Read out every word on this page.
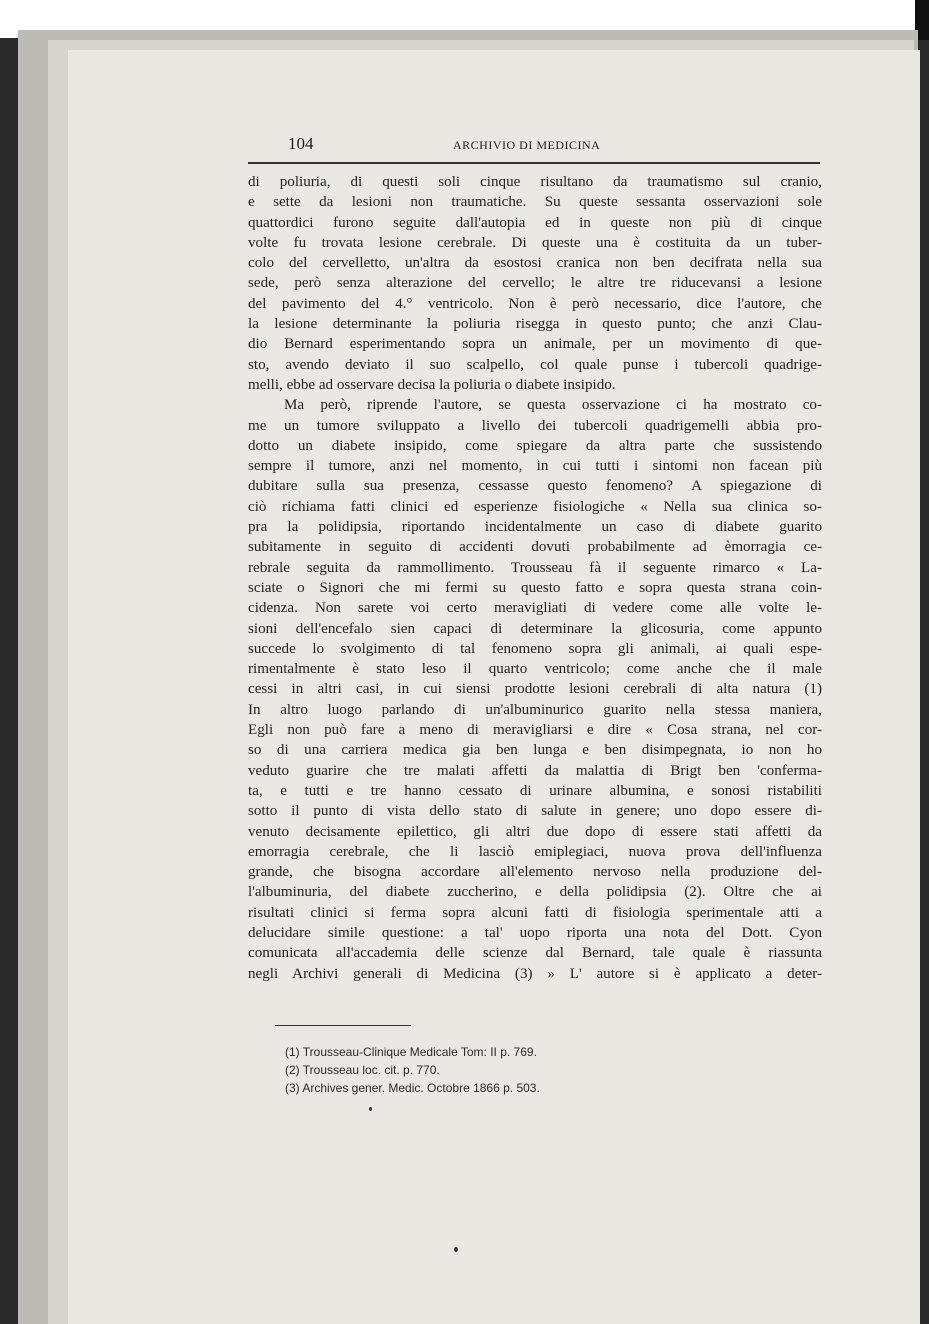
104	ARCHIVIO DI MEDICINA
di poliuria, di questi soli cinque risultano da traumatismo sul cranio,
e sette da lesioni non traumatiche. Su queste sessanta osservazioni sole
quattordici furono seguite dall'autopia ed in queste non più di cinque
volte fu trovata lesione cerebrale. Di queste una è costituita da un tuber-
colo del cervelletto, un'altra da esostosi cranica non ben decifrata nella sua
sede, però senza alterazione del cervello; le altre tre riducevansi a lesione
del pavimento del 4.° ventricolo. Non è però necessario, dice l'autore, che
la lesione determinante la poliuria risegga in questo punto; che anzi Clau-
dio Bernard esperimentando sopra un animale, per un movimento di que-
sto, avendo deviato il suo scalpello, col quale punse i tubercoli quadrige-
melli, ebbe ad osservare decisa la poliuria o diabete insipido.
Ma però, riprende l'autore, se questa osservazione ci ha mostrato co-
me un tumore sviluppato a livello dei tubercoli quadrigemelli abbia pro-
dotto un diabete insipido, come spiegare da altra parte che sussistendo
sempre il tumore, anzi nel momento, in cui tutti i sintomi non facean più
dubitare sulla sua presenza, cessasse questo fenomeno? A spiegazione di
ciò richiama fatti clinici ed esperienze fisiologiche « Nella sua clinica so-
pra la polidipsia, riportando incidentalmente un caso di diabete guarito
subitamente in seguito di accidenti dovuti probabilmente ad èmorragia ce-
rebrale seguita da rammollimento. Trousseau fà il seguente rimarco « La-
sciate o Signori che mi fermi su questo fatto e sopra questa strana coin-
cidenza. Non sarete voi certo meravigliati di vedere come alle volte le-
sioni dell'encefalo sien capaci di determinare la glicosuria, come appunto
succede lo svolgimento di tal fenomeno sopra gli animali, ai quali espe-
rimentalmente è stato leso il quarto ventricolo; come anche che il male
cessi in altri casi, in cui siensi prodotte lesioni cerebrali di alta natura (1)
In altro luogo parlando di un'albuminurico guarito nella stessa maniera,
Egli non può fare a meno di meravigliarsi e dire « Cosa strana, nel cor-
so di una carriera medica gia ben lunga e ben disimpegnata, io non ho
veduto guarire che tre malati affetti da malattia di Brigt ben 'conferma-
ta, e tutti e tre hanno cessato di urinare albumina, e sonosi ristabiliti
sotto il punto di vista dello stato di salute in genere; uno dopo essere di-
venuto decisamente epilettico, gli altri due dopo di essere stati affetti da
emorragia cerebrale, che li lasciò emiplegiaci, nuova prova dell'influenza
grande, che bisogna accordare all'elemento nervoso nella produzione del-
l'albuminuria, del diabete zuccherino, e della polidipsia (2). Oltre che ai
risultati clinici si ferma sopra alcuni fatti di fisiologia sperimentale atti a
delucidare simile questione: a tal' uopo riporta una nota del Dott. Cyon
comunicata all'accademia delle scienze dal Bernard, tale quale è riassunta
negli Archivi generali di Medicina (3) » L' autore si è applicato a deter-
(1) Trousseau-Clinique Medicale Tom: II p. 769.
(2) Trousseau loc. cit. p. 770.
(3) Archives gener. Medic. Octobre 1866 p. 503.
